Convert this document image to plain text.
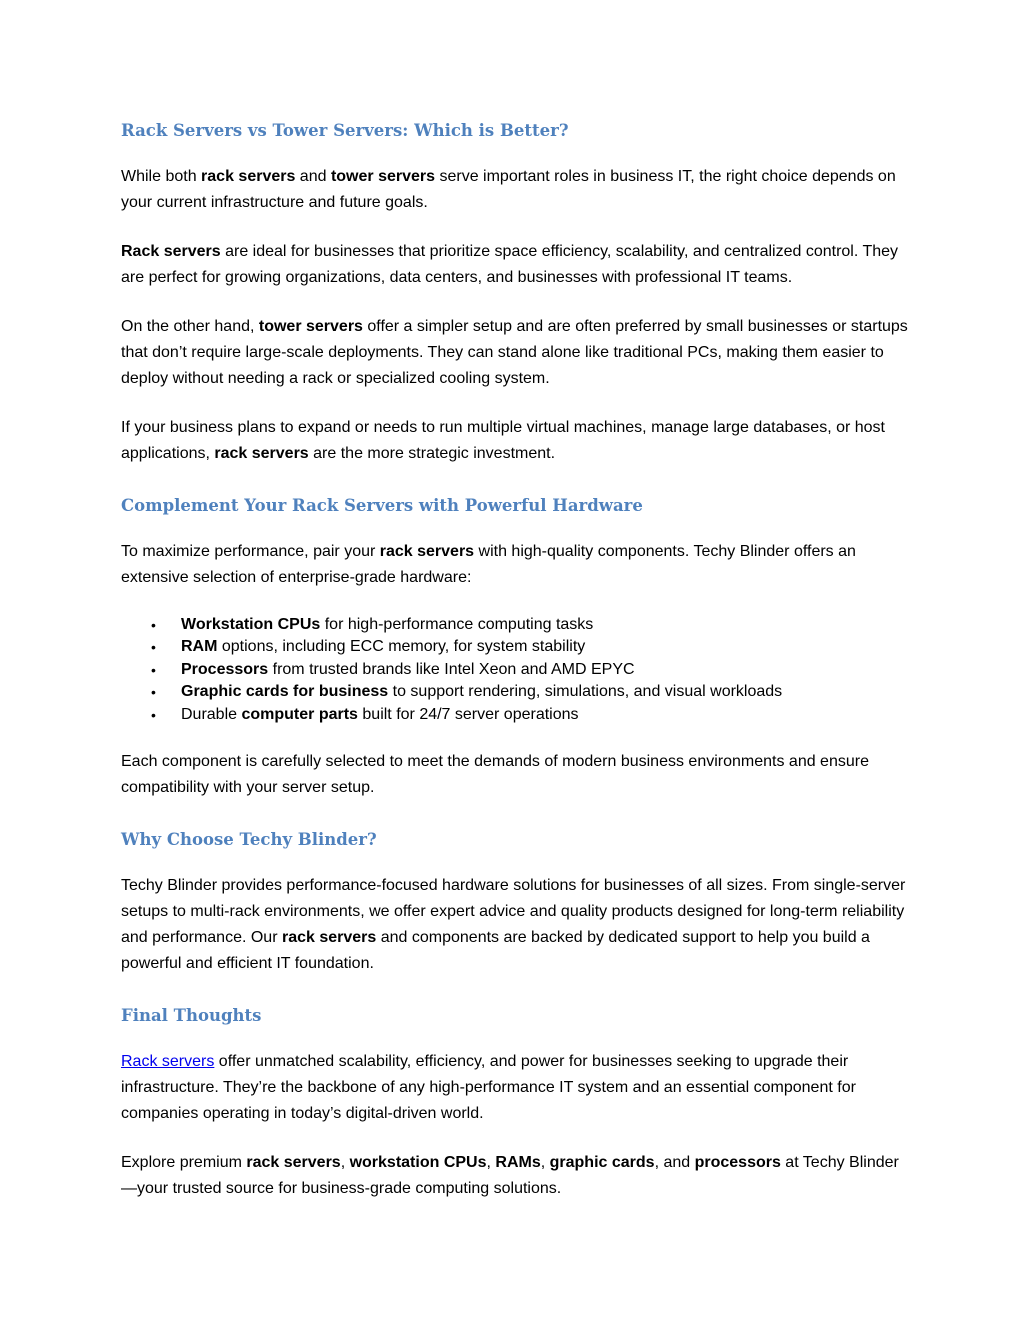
Rack Servers vs Tower Servers: Which is Better?

While both rack servers and tower servers serve important roles in business IT, the right choice depends on your current infrastructure and future goals.

Rack servers are ideal for businesses that prioritize space efficiency, scalability, and centralized control. They are perfect for growing organizations, data centers, and businesses with professional IT teams.

On the other hand, tower servers offer a simpler setup and are often preferred by small businesses or startups that don’t require large-scale deployments. They can stand alone like traditional PCs, making them easier to deploy without needing a rack or specialized cooling system.

If your business plans to expand or needs to run multiple virtual machines, manage large databases, or host applications, rack servers are the more strategic investment.

Complement Your Rack Servers with Powerful Hardware

To maximize performance, pair your rack servers with high-quality components. Techy Blinder offers an extensive selection of enterprise-grade hardware:

• Workstation CPUs for high-performance computing tasks
• RAM options, including ECC memory, for system stability
• Processors from trusted brands like Intel Xeon and AMD EPYC
• Graphic cards for business to support rendering, simulations, and visual workloads
• Durable computer parts built for 24/7 server operations

Each component is carefully selected to meet the demands of modern business environments and ensure compatibility with your server setup.

Why Choose Techy Blinder?

Techy Blinder provides performance-focused hardware solutions for businesses of all sizes. From single-server setups to multi-rack environments, we offer expert advice and quality products designed for long-term reliability and performance. Our rack servers and components are backed by dedicated support to help you build a powerful and efficient IT foundation.

Final Thoughts

Rack servers offer unmatched scalability, efficiency, and power for businesses seeking to upgrade their infrastructure. They’re the backbone of any high-performance IT system and an essential component for companies operating in today’s digital-driven world.

Explore premium rack servers, workstation CPUs, RAMs, graphic cards, and processors at Techy Blinder—your trusted source for business-grade computing solutions.
